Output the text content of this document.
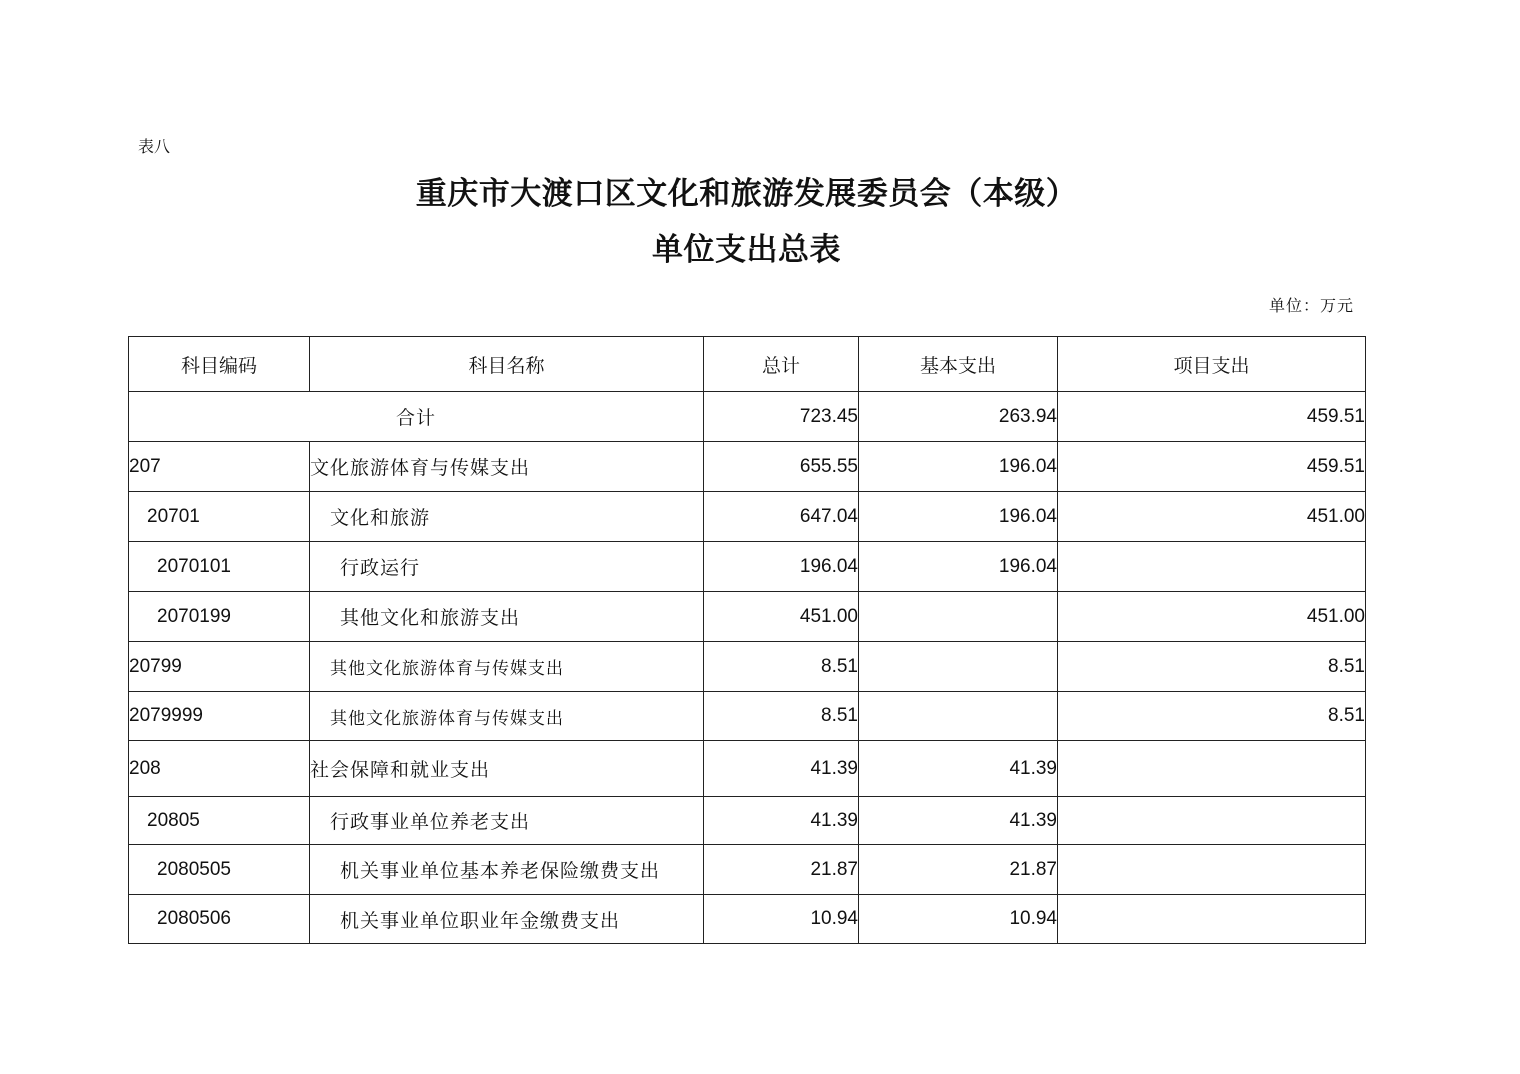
表八
重庆市大渡口区文化和旅游发展委员会（本级）
单位支出总表
单位：万元
科目编码	科目名称	总计	基本支出	项目支出
合计		723.45	263.94	459.51
207	文化旅游体育与传媒支出	655.55	196.04	459.51
20701	文化和旅游	647.04	196.04	451.00
2070101	行政运行	196.04	196.04	
2070199	其他文化和旅游支出	451.00		451.00
20799	其他文化旅游体育与传媒支出	8.51		8.51
2079999	其他文化旅游体育与传媒支出	8.51		8.51
208	社会保障和就业支出	41.39	41.39	
20805	行政事业单位养老支出	41.39	41.39	
2080505	机关事业单位基本养老保险缴费支出	21.87	21.87	
2080506	机关事业单位职业年金缴费支出	10.94	10.94	
